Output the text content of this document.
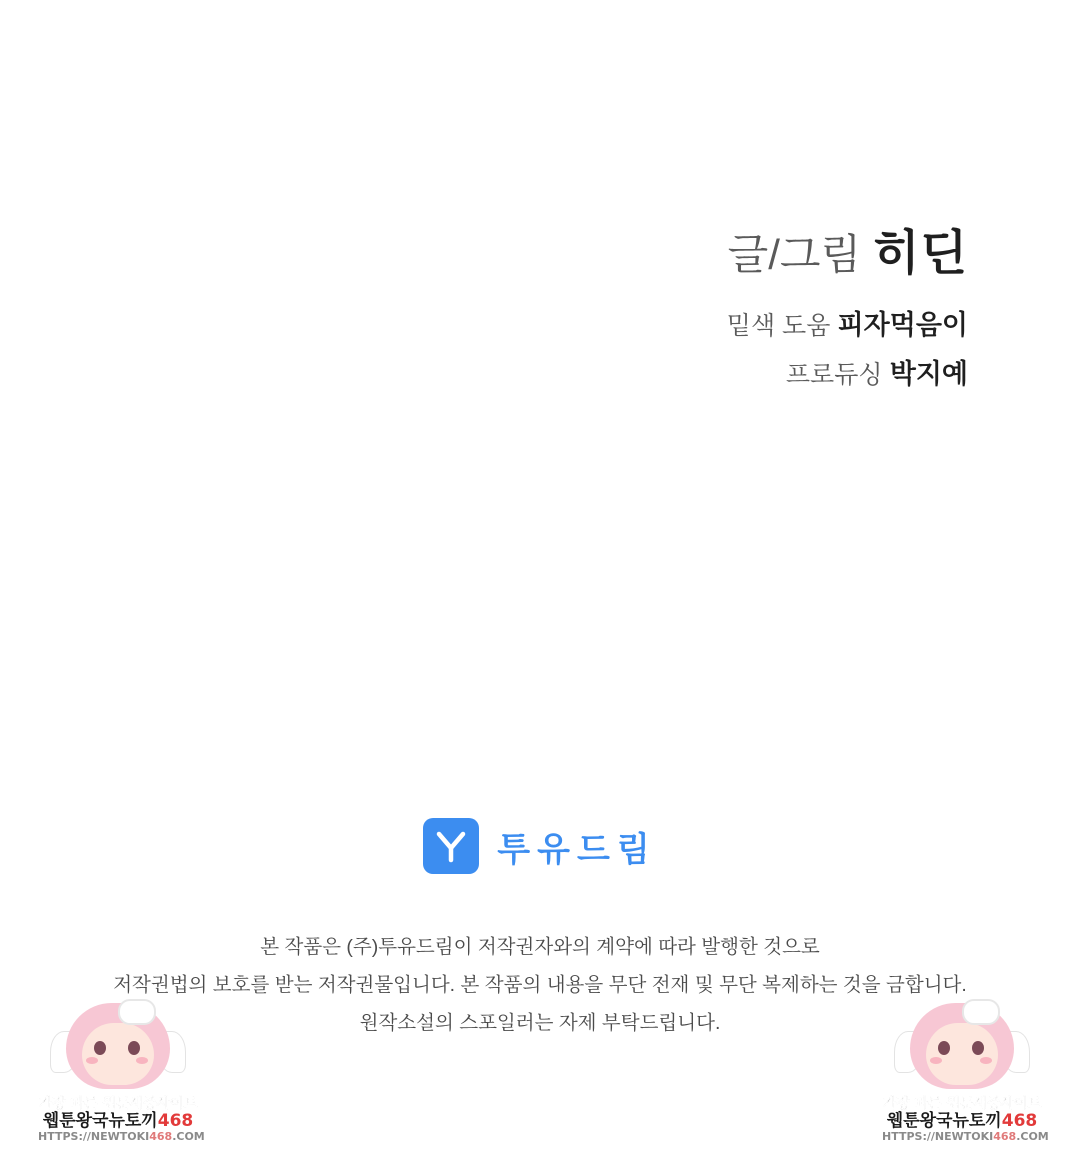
글/그림 히딘
밑색 도움 피자먹음이
프로듀싱 박지예
투유드림
본 작품은 (주)투유드림이 저작권자와의 계약에 따라 발행한 것으로
저작권법의 보호를 받는 저작권물입니다. 본 작품의 내용을 무단 전재 및 무단 복제하는 것을 금합니다.
원작소설의 스포일러는 자제 부탁드립니다.
가장 빠른 웹툰새중사이트
웹툰왕국뉴토끼468
HTTPS://NEWTOKI468.COM
가장 빠른 웹툰새중사이트
웹툰왕국뉴토끼468
HTTPS://NEWTOKI468.COM
